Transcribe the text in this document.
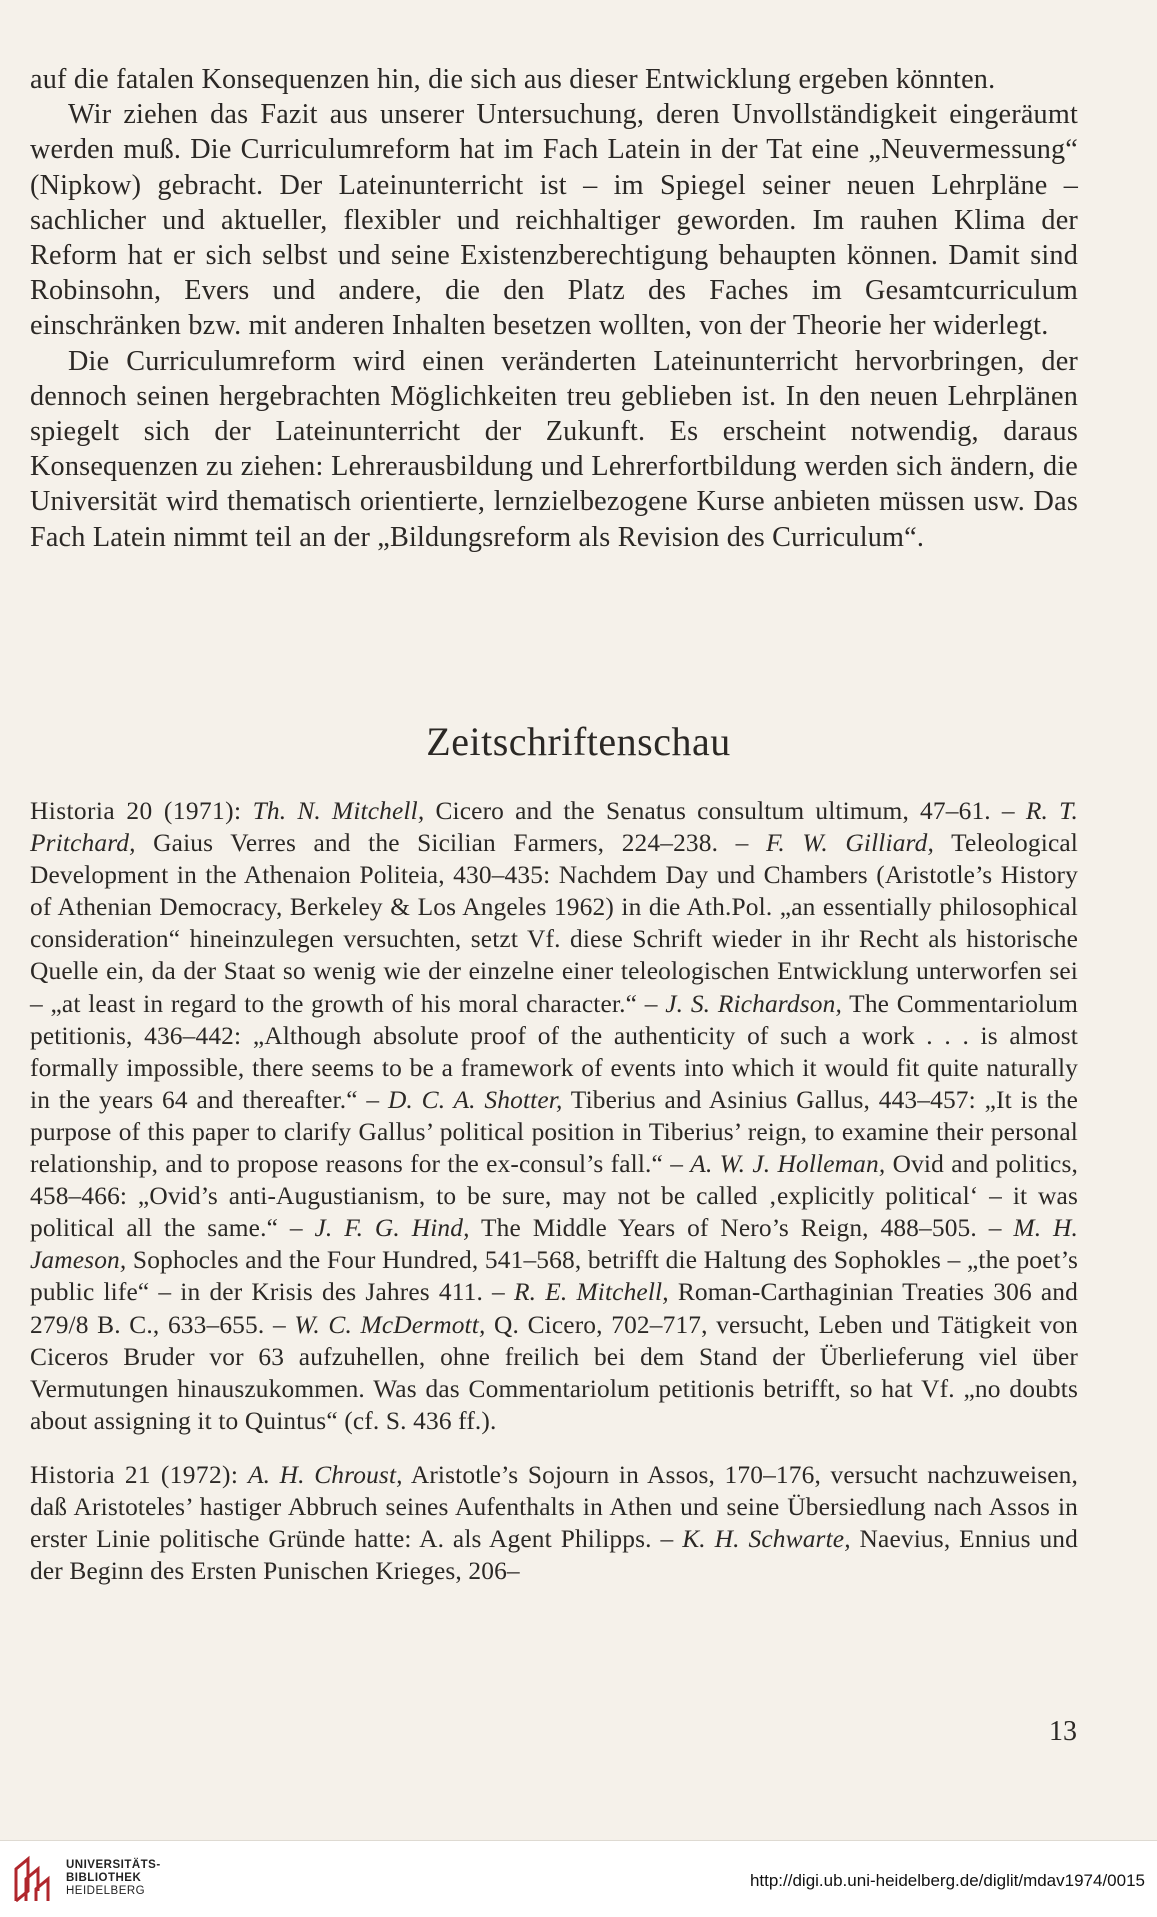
auf die fatalen Konsequenzen hin, die sich aus dieser Entwicklung ergeben könnten.

Wir ziehen das Fazit aus unserer Untersuchung, deren Unvollständigkeit eingeräumt werden muß. Die Curriculumreform hat im Fach Latein in der Tat eine „Neuvermessung“ (Nipkow) gebracht. Der Lateinunterricht ist – im Spiegel seiner neuen Lehrpläne – sachlicher und aktueller, flexibler und reichhaltiger geworden. Im rauhen Klima der Reform hat er sich selbst und seine Existenzberechtigung behaupten können. Damit sind Robinsohn, Evers und andere, die den Platz des Faches im Gesamtcurriculum einschränken bzw. mit anderen Inhalten besetzen wollten, von der Theorie her widerlegt.

Die Curriculumreform wird einen veränderten Lateinunterricht hervorbringen, der dennoch seinen hergebrachten Möglichkeiten treu geblieben ist. In den neuen Lehrplänen spiegelt sich der Lateinunterricht der Zukunft. Es erscheint notwendig, daraus Konsequenzen zu ziehen: Lehrerausbildung und Lehrerfortbildung werden sich ändern, die Universität wird thematisch orientierte, lernzielbezogene Kurse anbieten müssen usw. Das Fach Latein nimmt teil an der „Bildungsreform als Revision des Curriculum“.

Zeitschriftenschau

Historia 20 (1971): Th. N. Mitchell, Cicero and the Senatus consultum ultimum, 47–61. – R. T. Pritchard, Gaius Verres and the Sicilian Farmers, 224–238. – F. W. Gilliard, Teleological Development in the Athenaion Politeia, 430–435: Nachdem Day und Chambers (Aristotle’s History of Athenian Democracy, Berkeley & Los Angeles 1962) in die Ath.Pol. „an essentially philosophical consideration“ hineinzulegen versuchten, setzt Vf. diese Schrift wieder in ihr Recht als historische Quelle ein, da der Staat so wenig wie der einzelne einer teleologischen Entwicklung unterworfen sei – „at least in regard to the growth of his moral character.“ – J. S. Richardson, The Commentariolum petitionis, 436–442: „Although absolute proof of the authenticity of such a work . . . is almost formally impossible, there seems to be a framework of events into which it would fit quite naturally in the years 64 and thereafter.“ – D. C. A. Shotter, Tiberius and Asinius Gallus, 443–457: „It is the purpose of this paper to clarify Gallus’ political position in Tiberius’ reign, to examine their personal relationship, and to propose reasons for the ex-consul’s fall.“ – A. W. J. Holleman, Ovid and politics, 458–466: „Ovid’s anti-Augustianism, to be sure, may not be called ‚explicitly political‘ – it was political all the same.“ – J. F. G. Hind, The Middle Years of Nero’s Reign, 488–505. – M. H. Jameson, Sophocles and the Four Hundred, 541–568, betrifft die Haltung des Sophokles – „the poet’s public life“ – in der Krisis des Jahres 411. – R. E. Mitchell, Roman-Carthaginian Treaties 306 and 279/8 B. C., 633–655. – W. C. McDermott, Q. Cicero, 702–717, versucht, Leben und Tätigkeit von Ciceros Bruder vor 63 aufzuhellen, ohne freilich bei dem Stand der Überlieferung viel über Vermutungen hinauszukommen. Was das Commentariolum petitionis betrifft, so hat Vf. „no doubts about assigning it to Quintus“ (cf. S. 436 ff.).

Historia 21 (1972): A. H. Chroust, Aristotle’s Sojourn in Assos, 170–176, versucht nachzuweisen, daß Aristoteles’ hastiger Abbruch seines Aufenthalts in Athen und seine Übersiedlung nach Assos in erster Linie politische Gründe hatte: A. als Agent Philipps. – K. H. Schwarte, Naevius, Ennius und der Beginn des Ersten Punischen Krieges, 206–

13
UNIVERSITÄTS-
BIBLIOTHEK
HEIDELBERG
http://digi.ub.uni-heidelberg.de/diglit/mdav1974/0015
